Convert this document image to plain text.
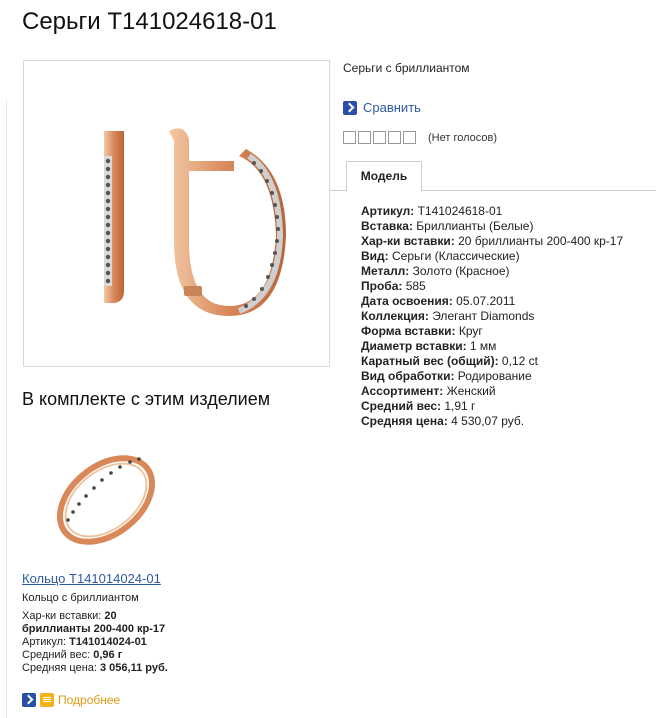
Серьги Т141024618-01
Серьги с бриллиантом
Сравнить
(Нет голосов)
Модель
Артикул: Т141024618-01
Вставка: Бриллианты (Белые)
Хар-ки вставки: 20 бриллианты 200-400 кр-17
Вид: Серьги (Классические)
Металл: Золото (Красное)
Проба: 585
Дата освоения: 05.07.2011
Коллекция: Элегант Diamonds
Форма вставки: Круг
Диаметр вставки: 1 мм
Каратный вес (общий): 0,12 ct
Вид обработки: Родирование
Ассортимент: Женский
Средний вес: 1,91 г
Средняя цена: 4 530,07 руб.
В комплекте с этим изделием
Кольцо Т141014024-01
Кольцо с бриллиантом
Хар-ки вставки: 20
бриллианты 200-400 кр-17
Артикул: Т141014024-01
Средний вес: 0,96 г
Средняя цена: 3 056,11 руб.
Подробнее
